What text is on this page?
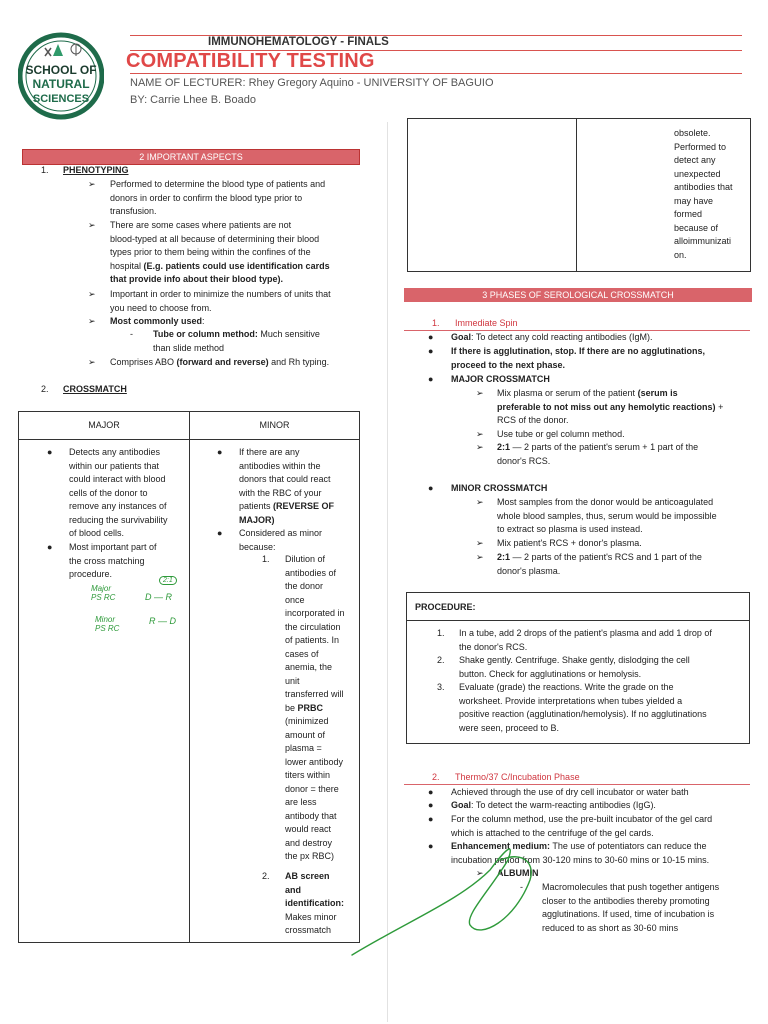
SCHOOL OF
NATURAL
SCIENCES
IMMUNOHEMATOLOGY - FINALS
COMPATIBILITY TESTING
NAME OF LECTURER: Rhey Gregory Aquino - UNIVERSITY OF BAGUIO
BY: Carrie Lhee B. Boado
2 IMPORTANT ASPECTS
1. PHENOTYPING
➢ Performed to determine the blood type of patients and
donors in order to confirm the blood type prior to
transfusion.
➢ There are some cases where patients are not
blood-typed at all because of determining their blood
types prior to them being within the confines of the
hospital (E.g. patients could use identification cards
that provide info about their blood type).
➢ Important in order to minimize the numbers of units that
you need to choose from.
➢ Most commonly used:
- Tube or column method: Much sensitive
than slide method
➢ Comprises ABO (forward and reverse) and Rh typing.
2. CROSSMATCH
MAJOR	MINOR
● Detects any antibodies
within our patients that
could interact with blood
cells of the donor to
remove any instances of
reducing the survivability
of blood cells.
● Most important part of
the cross matching
procedure.
Major
PS RC	D — R
2:1
Minor
PS RC
R — D
● If there are any
antibodies within the
donors that could react
with the RBC of your
patients (REVERSE OF
MAJOR)
● Considered as minor
because:
1. Dilution of
antibodies of
the donor
once
incorporated in
the circulation
of patients. In
cases of
anemia, the
unit
transferred will
be PRBC
(minimized
amount of
plasma =
lower antibody
titers within
donor = there
are less
antibody that
would react
and destroy
the px RBC)
2. AB screen
and
identification:
Makes minor
crossmatch
obsolete.
Performed to
detect any
unexpected
antibodies that
may have
formed
because of
alloimmunizati
on.
3 PHASES OF SEROLOGICAL CROSSMATCH
1. Immediate Spin
● Goal: To detect any cold reacting antibodies (IgM).
● If there is agglutination, stop. If there are no agglutinations,
proceed to the next phase.
● MAJOR CROSSMATCH
➢ Mix plasma or serum of the patient (serum is
preferable to not miss out any hemolytic reactions) +
RCS of the donor.
➢ Use tube or gel column method.
➢ 2:1 — 2 parts of the patient's serum + 1 part of the
donor's RCS.
● MINOR CROSSMATCH
➢ Most samples from the donor would be anticoagulated
whole blood samples, thus, serum would be impossible
to extract so plasma is used instead.
➢ Mix patient's RCS + donor's plasma.
➢ 2:1 — 2 parts of the patient's RCS and 1 part of the
donor's plasma.
PROCEDURE:
1. In a tube, add 2 drops of the patient's plasma and add 1 drop of
the donor's RCS.
2. Shake gently. Centrifuge. Shake gently, dislodging the cell
button. Check for agglutinations or hemolysis.
3. Evaluate (grade) the reactions. Write the grade on the
worksheet. Provide interpretations when tubes yielded a
positive reaction (agglutination/hemolysis). If no agglutinations
were seen, proceed to B.
2. Thermo/37 C/Incubation Phase
● Achieved through the use of dry cell incubator or water bath
● Goal: To detect the warm-reacting antibodies (IgG).
● For the column method, use the pre-built incubator of the gel card
which is attached to the centrifuge of the gel cards.
● Enhancement medium: The use of potentiators can reduce the
incubation period from 30-120 mins to 30-60 mins or 10-15 mins.
➢ ALBUMIN
- Macromolecules that push together antigens
closer to the antibodies thereby promoting
agglutinations. If used, time of incubation is
reduced to as short as 30-60 mins
